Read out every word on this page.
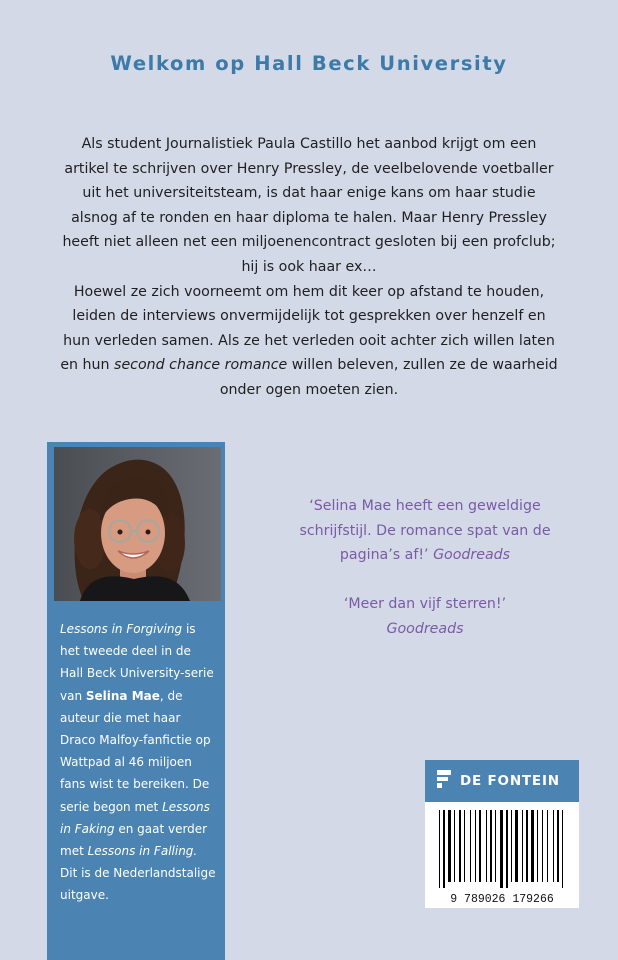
Welkom op Hall Beck University

Als student Journalistiek Paula Castillo het aanbod krijgt om een artikel te schrijven over Henry Pressley, de veelbelovende voetballer uit het universiteitsteam, is dat haar enige kans om haar studie alsnog af te ronden en haar diploma te halen. Maar Henry Pressley heeft niet alleen net een miljoenencontract gesloten bij een profclub; hij is ook haar ex…

Hoewel ze zich voorneemt om hem dit keer op afstand te houden, leiden de interviews onvermijdelijk tot gesprekken over henzelf en hun verleden samen. Als ze het verleden ooit achter zich willen laten en hun second chance romance willen beleven, zullen ze de waarheid onder ogen moeten zien.

Lessons in Forgiving is het tweede deel in de Hall Beck University-serie van Selina Mae, de auteur die met haar Draco Malfoy-fanfictie op Wattpad al 46 miljoen fans wist te bereiken. De serie begon met Lessons in Faking en gaat verder met Lessons in Falling. Dit is de Nederlandstalige uitgave.

‘Selina Mae heeft een geweldige schrijfstijl. De romance spat van de pagina’s af!’ Goodreads
‘Meer dan vijf sterren!’
Goodreads
DE FONTEIN
9 789026 179266
